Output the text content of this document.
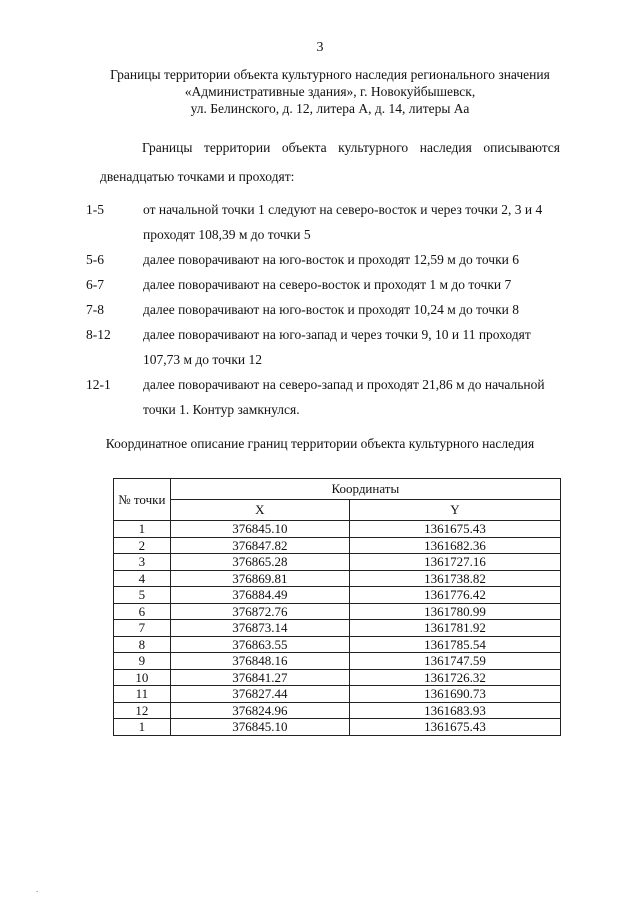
3
Границы территории объекта культурного наследия регионального значения
«Административные здания», г. Новокуйбышевск,
ул. Белинского, д. 12, литера А, д. 14, литеры Аа
Границы территории объекта культурного наследия описываются
двенадцатью точками и проходят:
1-5	от начальной точки 1 следуют на северо-восток и через точки 2, 3 и 4
проходят 108,39 м до точки 5
5-6	далее поворачивают на юго-восток и проходят 12,59 м до точки 6
6-7	далее поворачивают на северо-восток и проходят 1 м до точки 7
7-8	далее поворачивают на юго-восток и проходят 10,24 м до точки 8
8-12	далее поворачивают на юго-запад и через точки 9, 10 и 11 проходят
107,73 м до точки 12
12-1	далее поворачивают на северо-запад и проходят 21,86 м до начальной
точки 1. Контур замкнулся.
Координатное описание границ территории объекта культурного наследия
№ точки	Координаты	
	X	Y
1	376845.10	1361675.43
2	376847.82	1361682.36
3	376865.28	1361727.16
4	376869.81	1361738.82
5	376884.49	1361776.42
6	376872.76	1361780.99
7	376873.14	1361781.92
8	376863.55	1361785.54
9	376848.16	1361747.59
10	376841.27	1361726.32
11	376827.44	1361690.73
12	376824.96	1361683.93
1	376845.10	1361675.43
.
